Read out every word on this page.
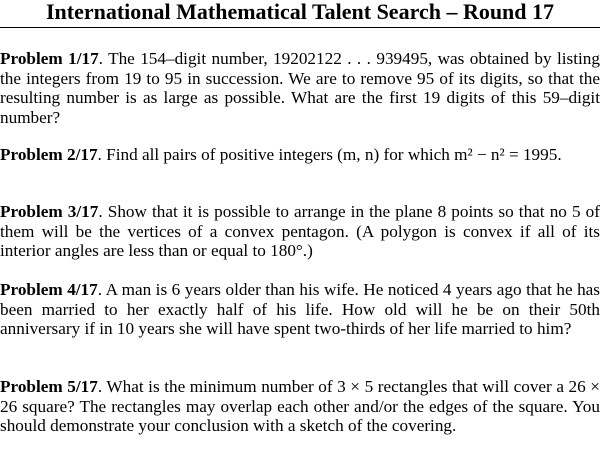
International Mathematical Talent Search – Round 17
Problem 1/17. The 154–digit number, 19202122 . . . 939495, was obtained by listing the integers from 19 to 95 in succession. We are to remove 95 of its digits, so that the resulting number is as large as possible. What are the first 19 digits of this 59–digit number?
Problem 2/17. Find all pairs of positive integers (m, n) for which m² − n² = 1995.
Problem 3/17. Show that it is possible to arrange in the plane 8 points so that no 5 of them will be the vertices of a convex pentagon. (A polygon is convex if all of its interior angles are less than or equal to 180°.)
Problem 4/17. A man is 6 years older than his wife. He noticed 4 years ago that he has been married to her exactly half of his life. How old will he be on their 50th anniversary if in 10 years she will have spent two-thirds of her life married to him?
Problem 5/17. What is the minimum number of 3 × 5 rectangles that will cover a 26 × 26 square? The rectangles may overlap each other and/or the edges of the square. You should demonstrate your conclusion with a sketch of the covering.
